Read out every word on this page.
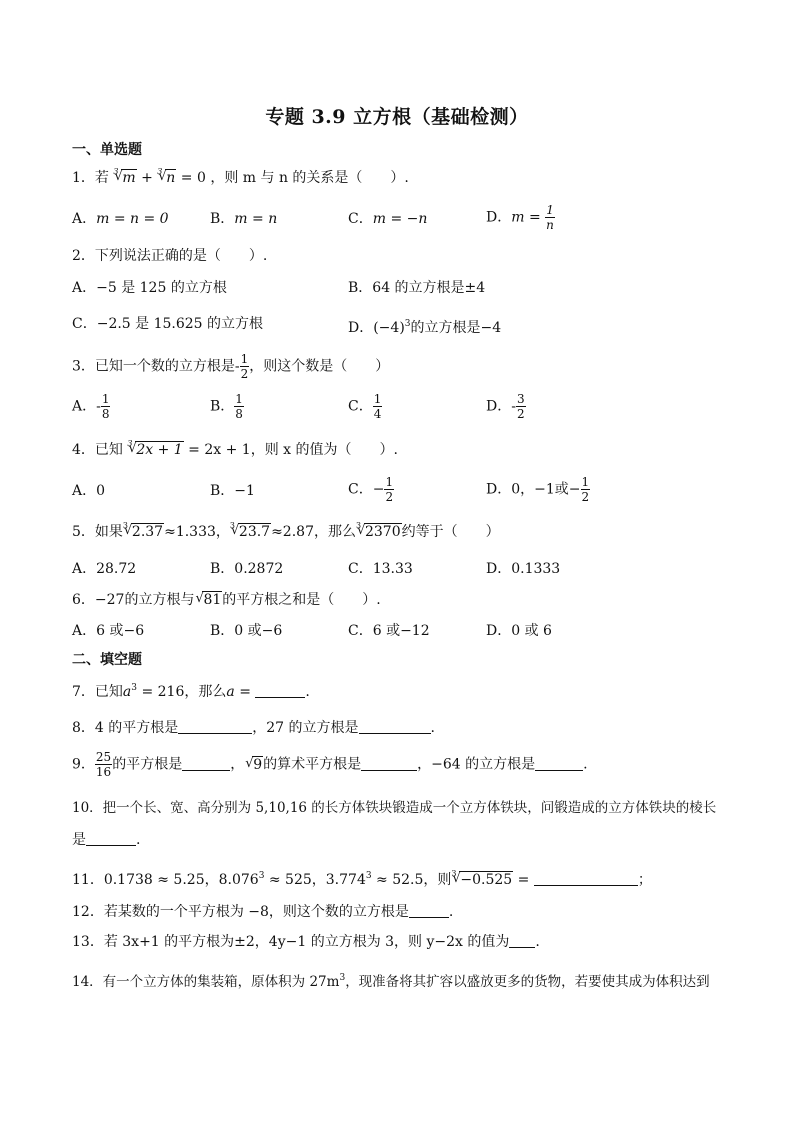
专题 3.9 立方根（基础检测）
一、单选题
1．若 √ 3 m + √ 3 n = 0 ，则 m 与 n 的关系是（　　）.
A．m = n = 0	B．m = n	C．m = −n	D．$m = \frac{1}{n}$
2．下列说法正确的是（　　）.
A．−5 是 125 的立方根	B．64 的立方根是±4
C．−2.5 是 15.625 的立方根	D．$(-4)^3$的立方根是−4
3．已知一个数的立方根是- $\frac{1}{2}$ ，则这个数是（　　）
A．- $\frac{1}{8}$	B． $\frac{1}{8}$	C． $\frac{1}{4}$	D．- $\frac{3}{2}$
4．已知 √ 3 2x + 1 = 2x + 1，则 x 的值为（　　）.
A．0	B．−1	C．− $\frac{1}{2}$	D．0，−1或− $\frac{1}{2}$
5．如果 √ 3 2.37≈1.333， √ 3 23.7≈2.87，那么 √ 3 2370约等于（　　）
A．28.72	B．0.2872	C．13.33	D．0.1333
6．−27的立方根与 √ 81的平方根之和是（　　）.
A．6 或−6	B．0 或−6	C．6 或−12	D．0 或 6
二、填空题
7．已知$a^3 = 216$，那么a =	.
8．4 的平方根是	，27 的立方根是	.
9． $\frac{25}{16}$ 的平方根是	， √ 9的算术平方根是	，−64 的立方根是	.
10．把一个长、宽、高分别为 5,10,16 的长方体铁块锻造成一个立方体铁块，问锻造成的立方体铁块的棱长
是	.
11．0.1738 ≈ 5.25，$8.076^3 \approx 525$，$3.774^3 \approx 52.5$，则 √ 3 −0.525 =	；
12．若某数的一个平方根为 −8，则这个数的立方根是	.
13．若 3x+1 的平方根为±2，4y−1 的立方根为 3，则 y−2x 的值为 .
14．有一个立方体的集装箱，原体积为 $27m^3$，现准备将其扩容以盛放更多的货物，若要使其成为体积达到
